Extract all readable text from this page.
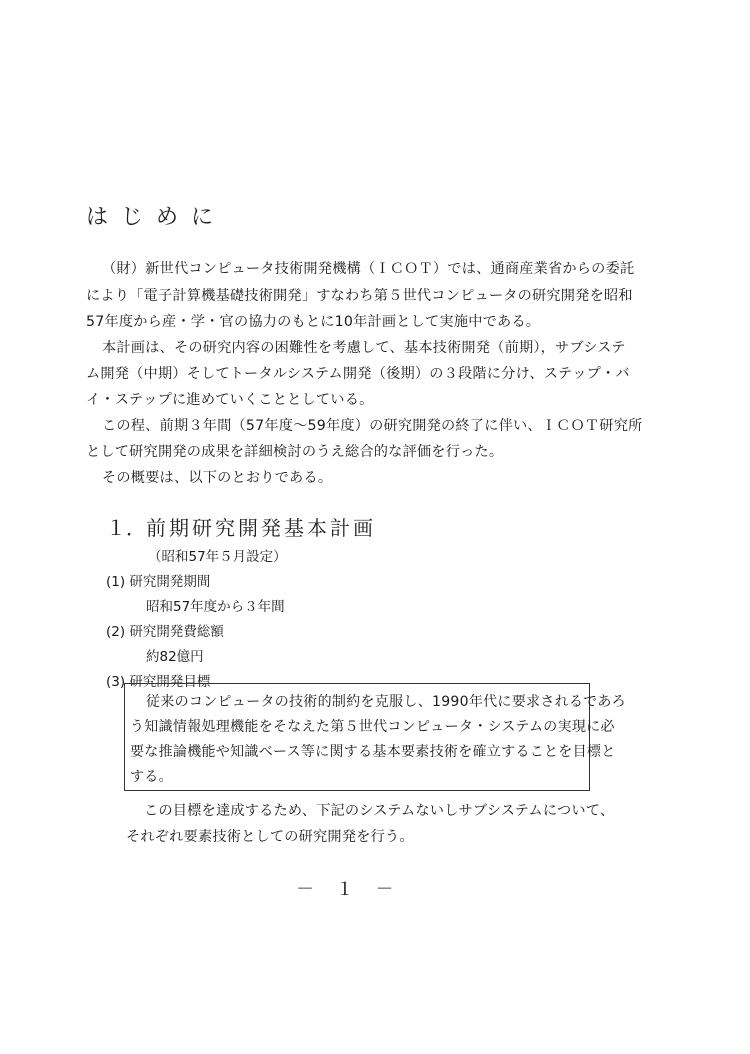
はじめに
（財）新世代コンピュータ技術開発機構（ＩＣＯＴ）では、通商産業省からの委託
により「電子計算機基礎技術開発」すなわち第５世代コンピュータの研究開発を昭和
57年度から産・学・官の協力のもとに10年計画として実施中である。
本計画は、その研究内容の困難性を考慮して、基本技術開発（前期），サブシステ
ム開発（中期）そしてトータルシステム開発（後期）の３段階に分け、ステップ・バ
イ・ステップに進めていくこととしている。
この程、前期３年間（57年度～59年度）の研究開発の終了に伴い、ＩＣＯＴ研究所
として研究開発の成果を詳細検討のうえ総合的な評価を行った。
その概要は、以下のとおりである。
１．前期研究開発基本計画
（昭和57年５月設定）
(1) 研究開発期間
昭和57年度から３年間
(2) 研究開発費総額
約82億円
(3) 研究開発目標
従来のコンピュータの技術的制約を克服し、1990年代に要求されるであろ
う知識情報処理機能をそなえた第５世代コンピュータ・システムの実現に必
要な推論機能や知識ベース等に関する基本要素技術を確立することを目標と
する。
この目標を達成するため、下記のシステムないしサブシステムについて、
それぞれ要素技術としての研究開発を行う。
－ １ －
